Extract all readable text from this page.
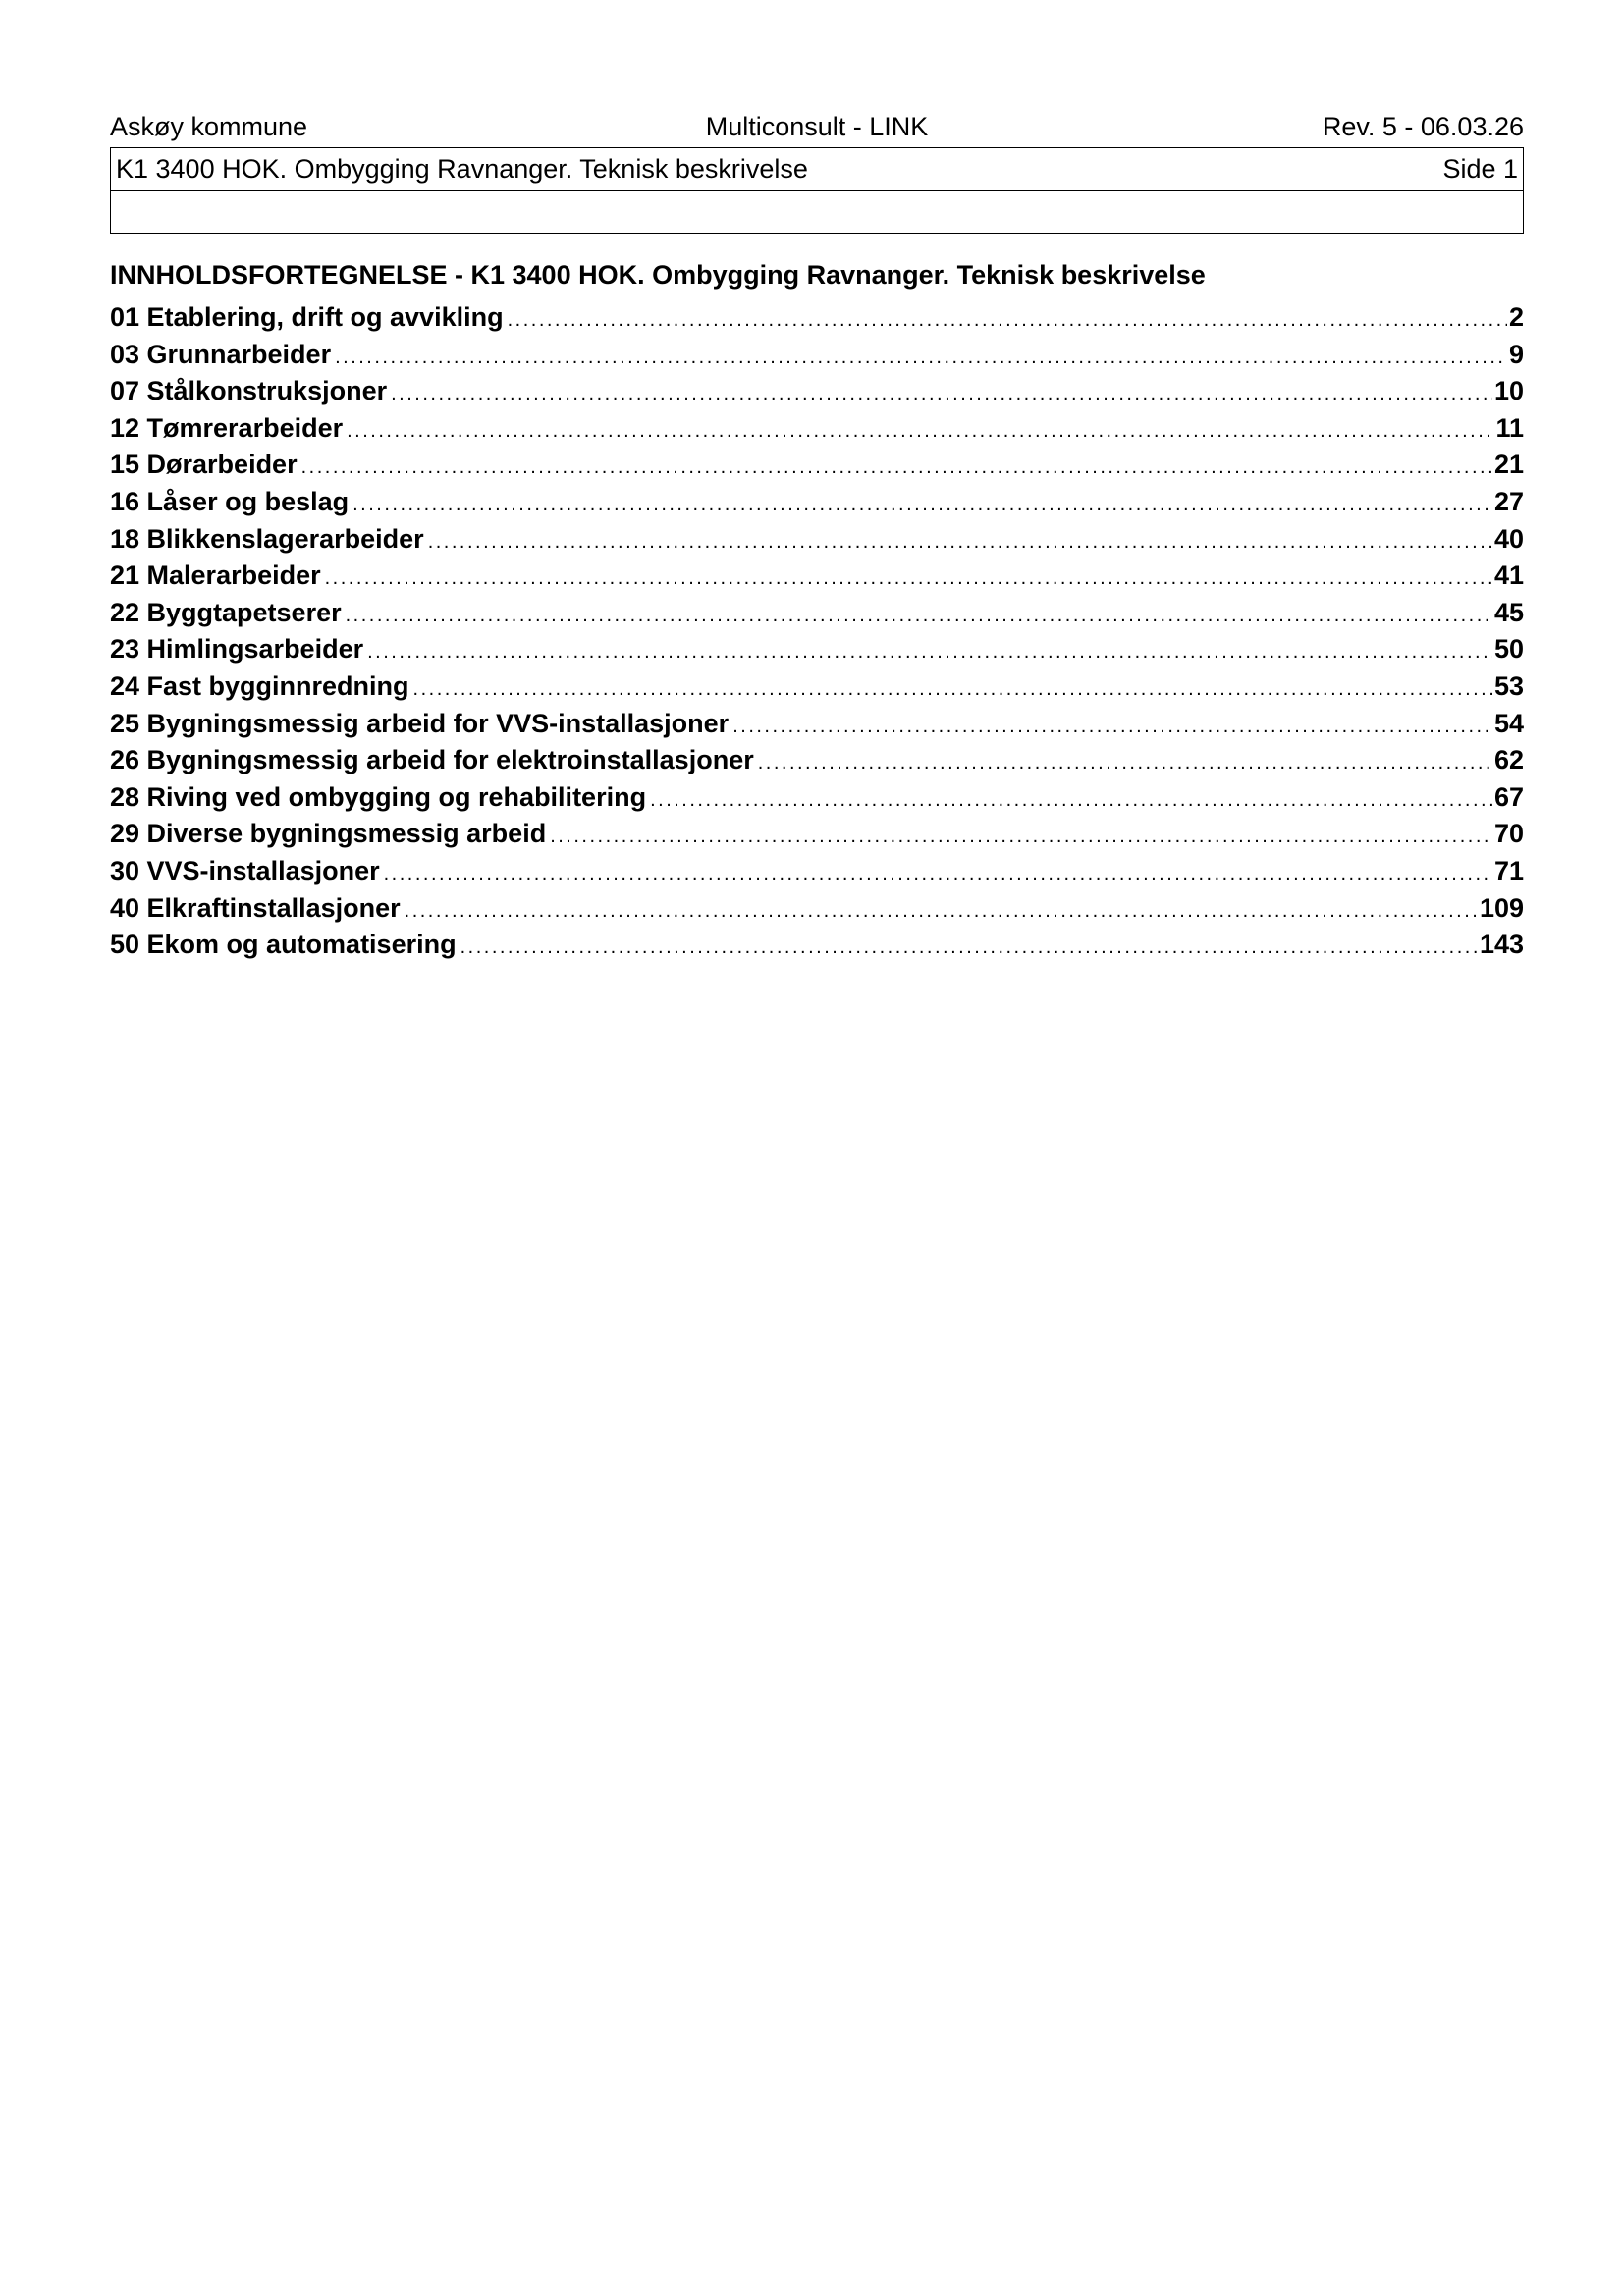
Askøy kommune	Multiconsult - LINK	Rev. 5 - 06.03.26
K1 3400 HOK. Ombygging Ravnanger. Teknisk beskrivelse	Side 1
INNHOLDSFORTEGNELSE - K1 3400 HOK. Ombygging Ravnanger. Teknisk beskrivelse
01 Etablering, drift og avvikling .....	2
03 Grunnarbeider .....	9
07 Stålkonstruksjoner .....	10
12 Tømrerarbeider .....	11
15 Dørarbeider .....	21
16 Låser og beslag .....	27
18 Blikkenslagerarbeider .....	40
21 Malerarbeider .....	41
22 Byggtapetserer .....	45
23 Himlingsarbeider .....	50
24 Fast bygginnredning .....	53
25 Bygningsmessig arbeid for VVS-installasjoner .....	54
26 Bygningsmessig arbeid for elektroinstallasjoner .....	62
28 Riving ved ombygging og rehabilitering .....	67
29 Diverse bygningsmessig arbeid .....	70
30 VVS-installasjoner .....	71
40 Elkraftinstallasjoner .....	109
50 Ekom og automatisering .....	143
